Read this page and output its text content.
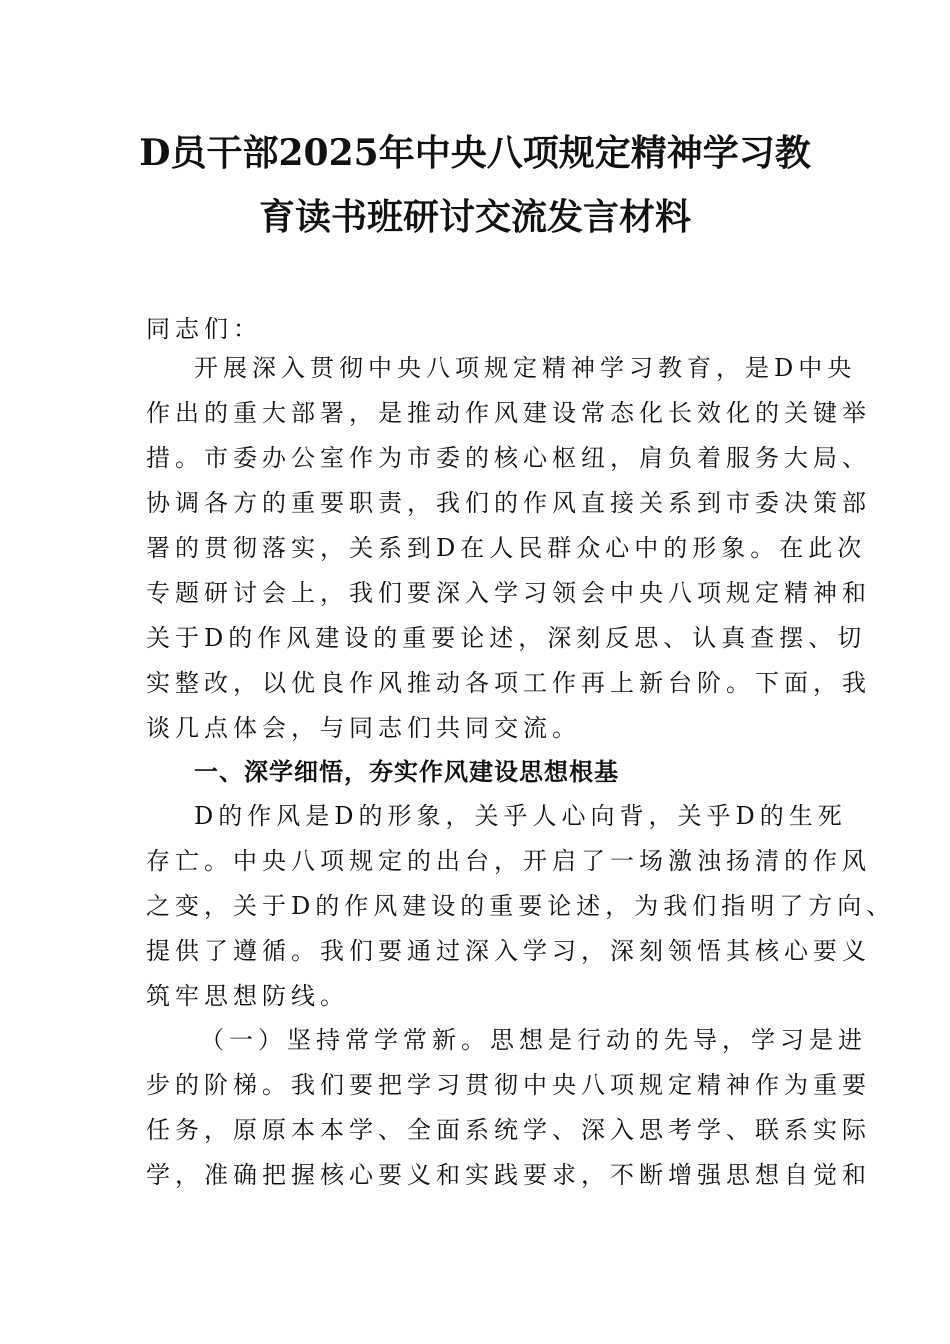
D员干部2025年中央八项规定精神学习教
育读书班研讨交流发言材料
同志们：
开展深入贯彻中央八项规定精神学习教育，是D中央
作出的重大部署，是推动作风建设常态化长效化的关键举
措。市委办公室作为市委的核心枢纽，肩负着服务大局、
协调各方的重要职责，我们的作风直接关系到市委决策部
署的贯彻落实，关系到D在人民群众心中的形象。在此次
专题研讨会上，我们要深入学习领会中央八项规定精神和
关于D的作风建设的重要论述，深刻反思、认真查摆、切
实整改，以优良作风推动各项工作再上新台阶。下面，我
谈几点体会，与同志们共同交流。
一、深学细悟，夯实作风建设思想根基
D的作风是D的形象，关乎人心向背，关乎D的生死
存亡。中央八项规定的出台，开启了一场激浊扬清的作风
之变，关于D的作风建设的重要论述，为我们指明了方向、
提供了遵循。我们要通过深入学习，深刻领悟其核心要义
筑牢思想防线。
（一）坚持常学常新。思想是行动的先导，学习是进
步的阶梯。我们要把学习贯彻中央八项规定精神作为重要
任务，原原本本学、全面系统学、深入思考学、联系实际
学，准确把握核心要义和实践要求，不断增强思想自觉和
